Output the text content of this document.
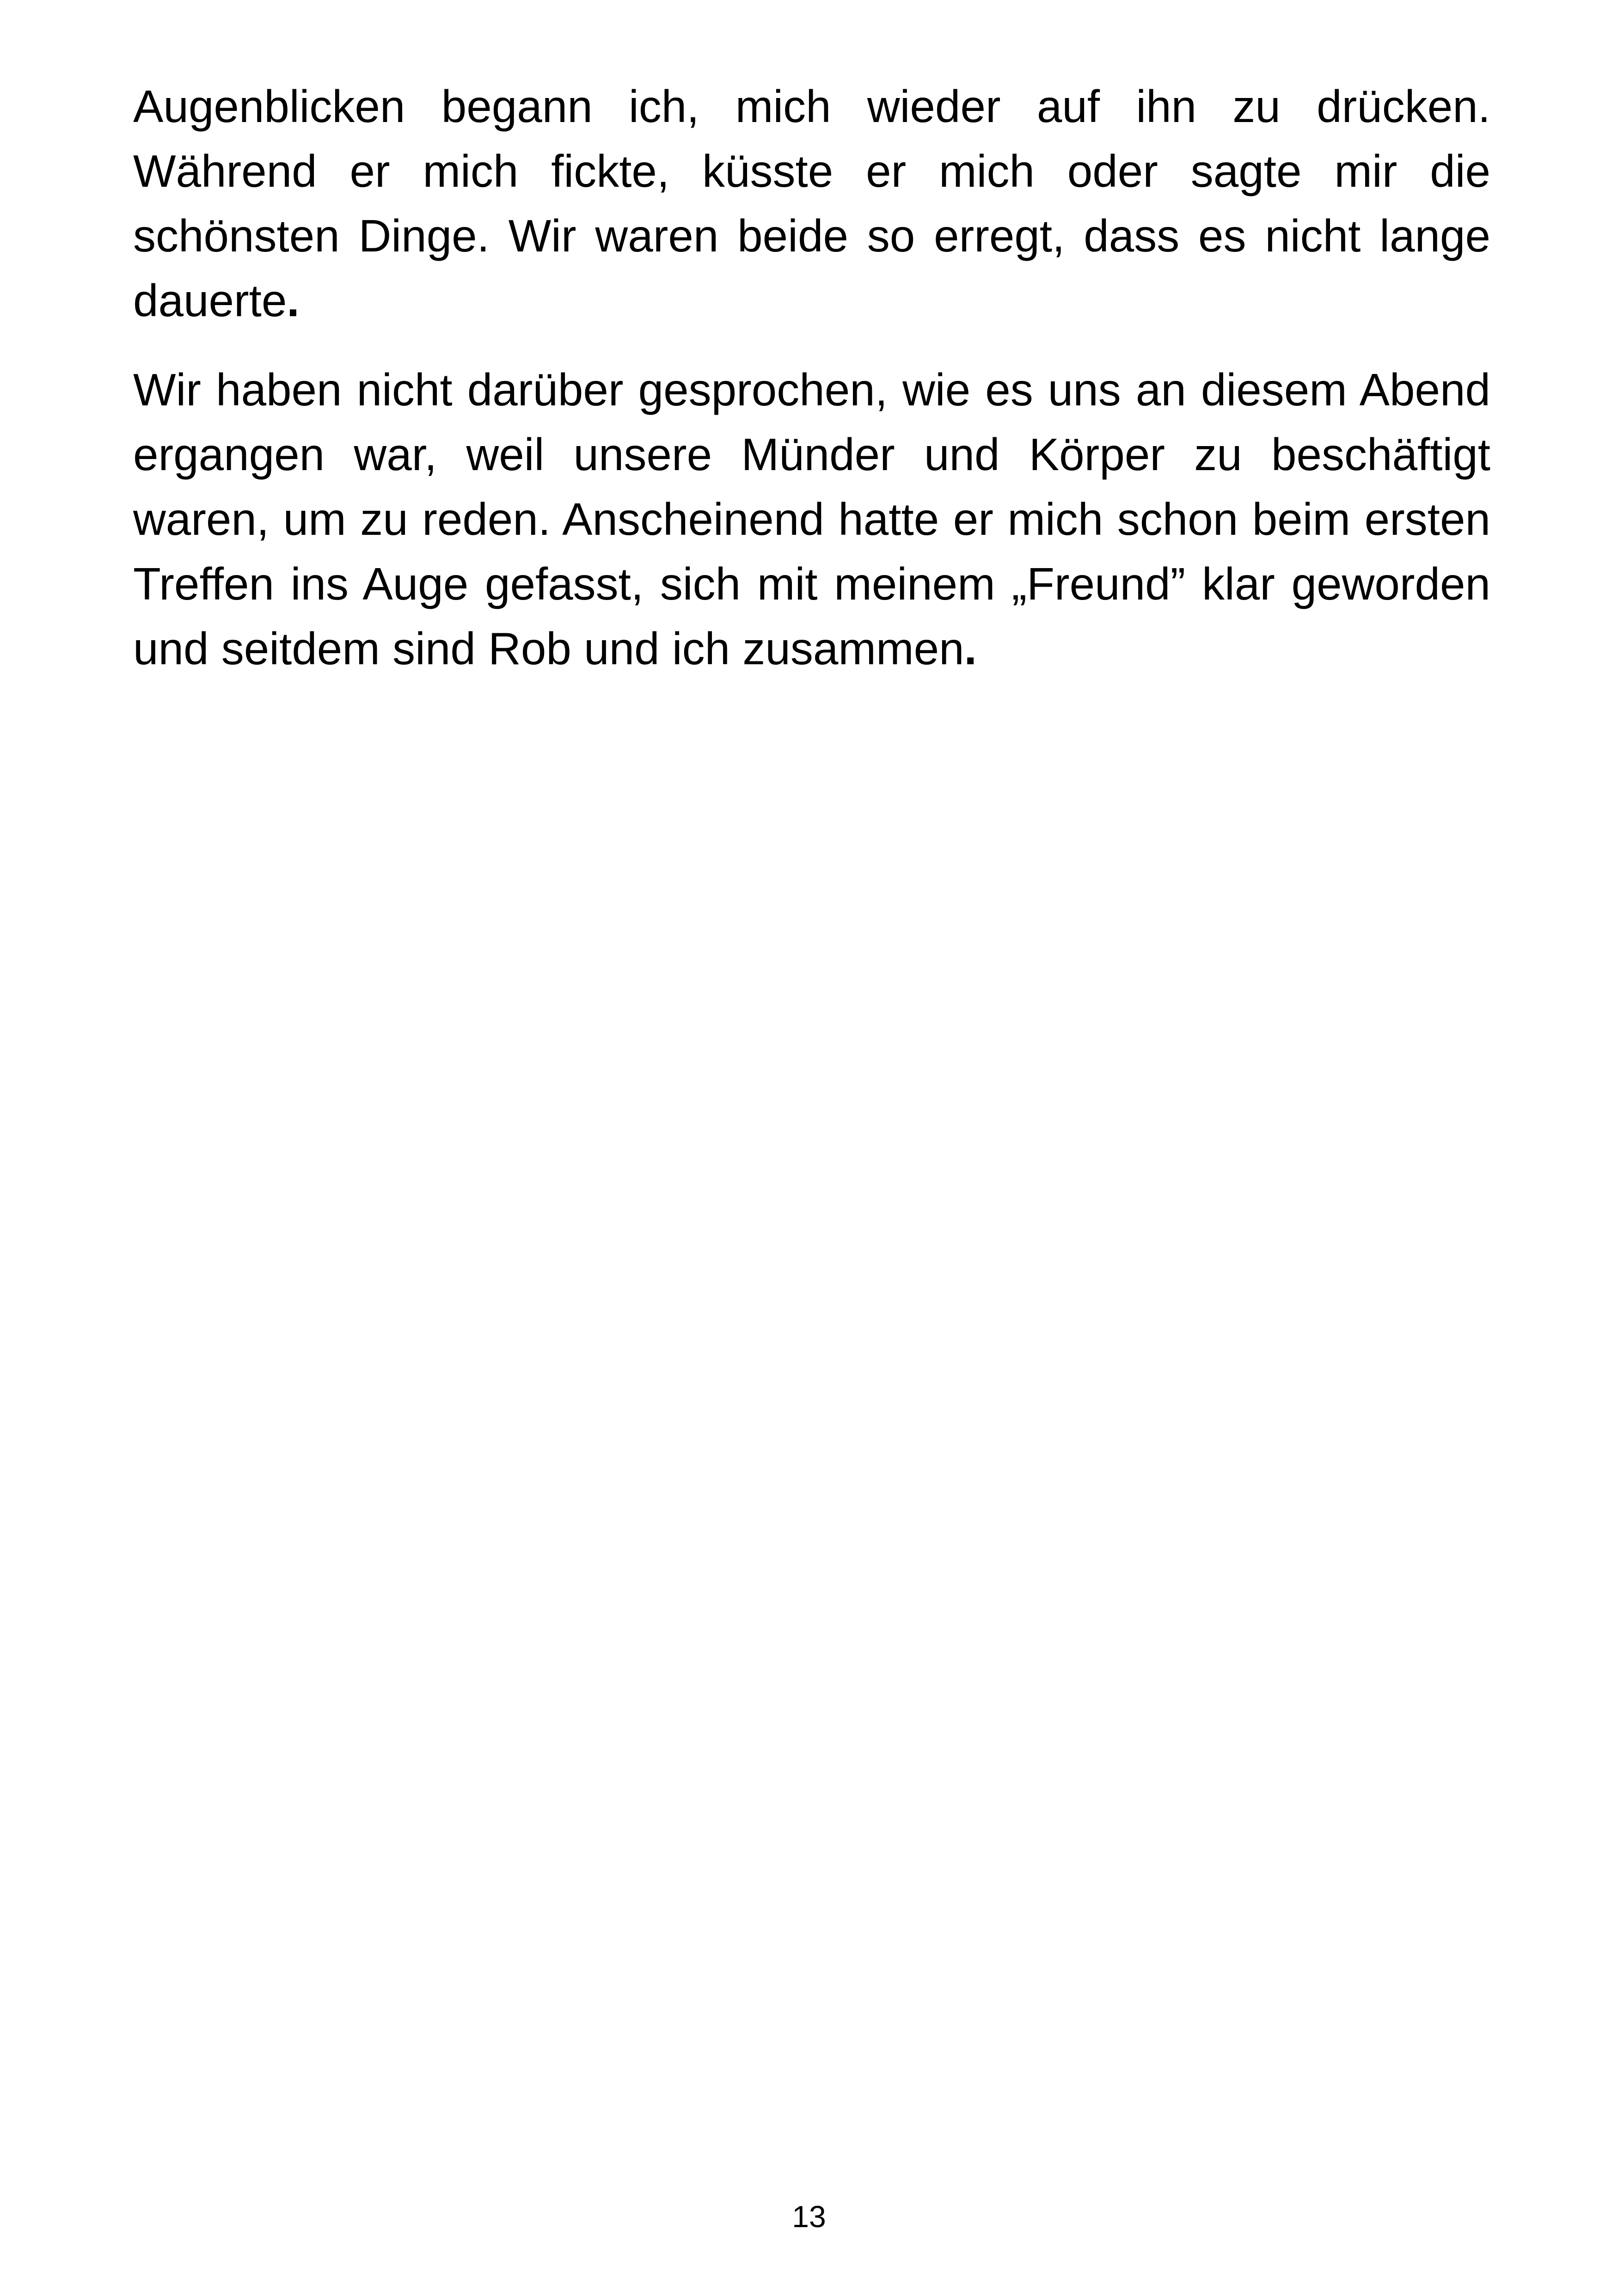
Augenblicken begann ich, mich wieder auf ihn zu drücken. Während er mich fickte, küsste er mich oder sagte mir die schönsten Dinge. Wir waren beide so erregt, dass es nicht lange dauerte.

Wir haben nicht darüber gesprochen, wie es uns an diesem Abend ergangen war, weil unsere Münder und Körper zu beschäftigt waren, um zu reden. Anscheinend hatte er mich schon beim ersten Treffen ins Auge gefasst, sich mit meinem „Freund” klar geworden und seitdem sind Rob und ich zusammen.

13
